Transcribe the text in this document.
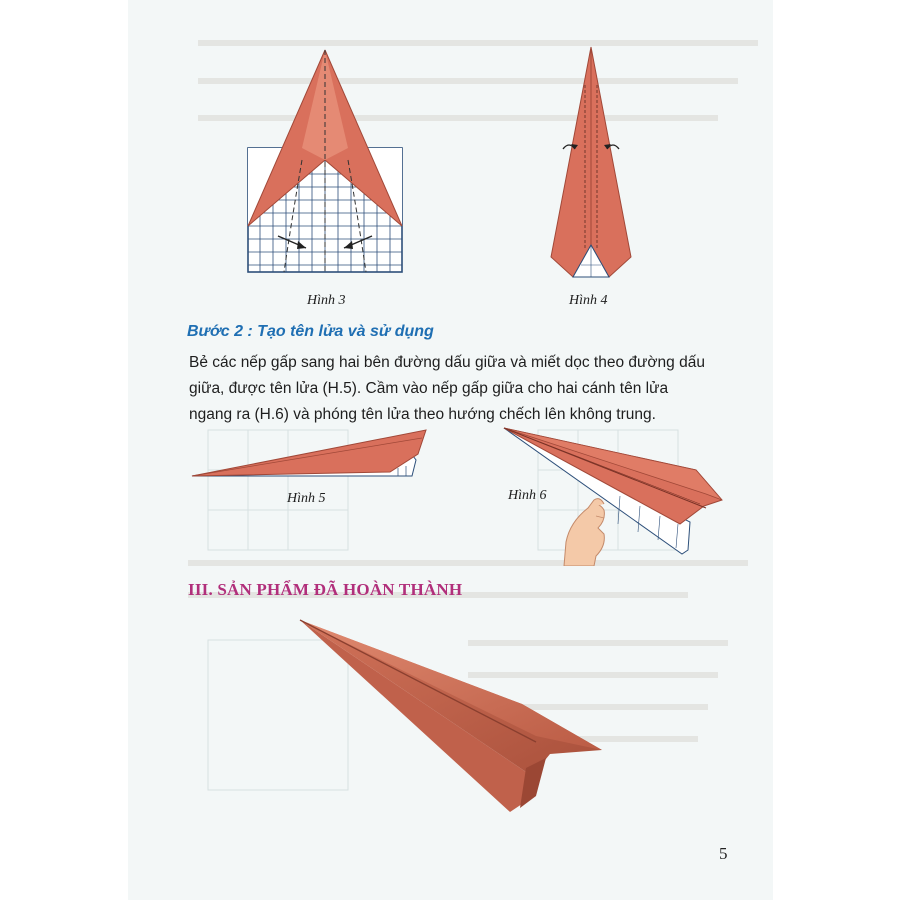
Hình 3	Hình 4
Bước 2 : Tạo tên lửa và sử dụng
Bẻ các nếp gấp sang hai bên đường dấu giữa và miết dọc theo đường dấu
giữa, được tên lửa (H.5). Cầm vào nếp gấp giữa cho hai cánh tên lửa
ngang ra (H.6) và phóng tên lửa theo hướng chếch lên không trung.
Hình 5	Hình 6
III. SẢN PHẨM ĐÃ HOÀN THÀNH
5
